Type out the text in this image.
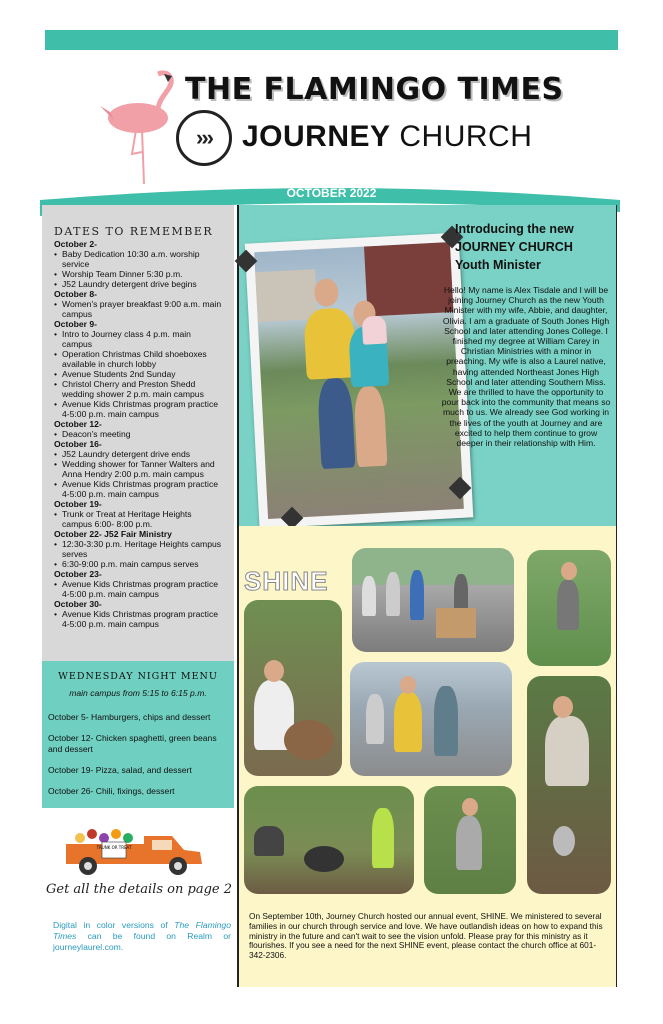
THE FLAMINGO TIMES
›››	JOURNEY CHURCH
OCTOBER 2022
DATES TO REMEMBER
October 2-
• Baby Dedication 10:30 a.m. worship service
• Worship Team Dinner 5:30 p.m.
• J52 Laundry detergent drive begins
October 8-
• Women's prayer breakfast 9:00 a.m. main campus
October 9-
• Intro to Journey class 4 p.m. main campus
• Operation Christmas Child shoeboxes available in church lobby
• Avenue Students 2nd Sunday
• Christol Cherry and Preston Shedd wedding shower 2 p.m. main campus
• Avenue Kids Christmas program practice 4-5:00 p.m. main campus
October 12-
• Deacon's meeting
October 16-
• J52 Laundry detergent drive ends
• Wedding shower for Tanner Walters and Anna Hendry 2:00 p.m. main campus
• Avenue Kids Christmas program practice 4-5:00 p.m. main campus
October 19-
• Trunk or Treat at Heritage Heights campus 6:00- 8:00 p.m.
October 22- J52 Fair Ministry
• 12:30-3:30 p.m. Heritage Heights campus serves
• 6:30-9:00 p.m. main campus serves
October 23-
• Avenue Kids Christmas program practice 4-5:00 p.m. main campus
October 30-
• Avenue Kids Christmas program practice 4-5:00 p.m. main campus
WEDNESDAY NIGHT MENU
main campus from 5:15 to 6:15 p.m.
October 5- Hamburgers, chips and dessert
October 12- Chicken spaghetti, green beans and dessert
October 19- Pizza, salad, and dessert
October 26- Chili, fixings, dessert
TRUNK OR TREAT
Get all the details on page 2
Digital in color versions of The Flamingo Times can be found on Realm or journeylaurel.com.
Introducing the new
JOURNEY CHURCH
Youth Minister
Hello! My name is Alex Tisdale and I will be joining Journey Church as the new Youth Minister with my wife, Abbie, and daughter, Olivia. I am a graduate of South Jones High School and later attending Jones College. I finished my degree at William Carey in Christian Ministries with a minor in preaching. My wife is also a Laurel native, having attended Northeast Jones High School and later attending Southern Miss. We are thrilled to have the opportunity to pour back into the community that means so much to us. We already see God working in the lives of the youth at Journey and are excited to help them continue to grow deeper in their relationship with Him.
SHINE
On September 10th, Journey Church hosted our annual event, SHINE. We ministered to several families in our church through service and love. We have outlandish ideas on how to expand this ministry in the future and can't wait to see the vision unfold. Please pray for this ministry as it flourishes. If you see a need for the next SHINE event, please contact the church office at 601-342-2306.
